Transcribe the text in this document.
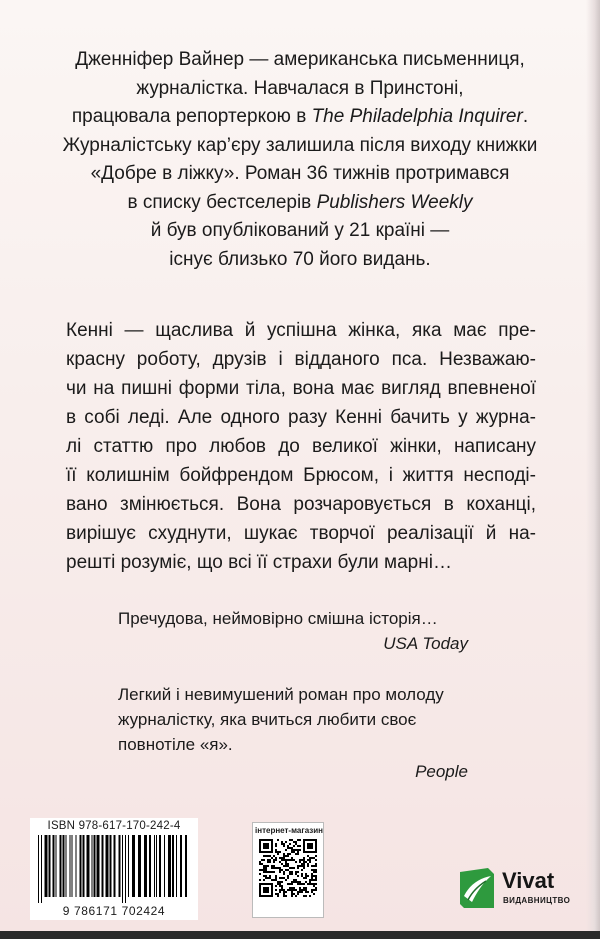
Дженніфер Вайнер — американська письменниця,
журналістка. Навчалася в Принстоні,
працювала репортеркою в The Philadelphia Inquirer.
Журналістську кар’єру залишила після виходу книжки
«Добре в ліжку». Роман 36 тижнів протримався
в списку бестселерів Publishers Weekly
й був опублікований у 21 країні —
існує близько 70 його видань.
Кенні — щаслива й успішна жінка, яка має пре-
красну роботу, друзів і відданого пса. Незважаю-
чи на пишні форми тіла, вона має вигляд впевненої
в собі леді. Але одного разу Кенні бачить у журна-
лі статтю про любов до великої жінки, написану
її колишнім бойфрендом Брюсом, і життя несподі-
вано змінюється. Вона розчаровується в коханці,
вирішує схуднути, шукає творчої реалізації й на-
решті розуміє, що всі її страхи були марні…
Пречудова, неймовірно смішна історія…
USA Today
Легкий і невимушений роман про молоду
журналістку, яка вчиться любити своє
повнотіле «я».
People
ISBN 978-617-170-242-4
9 786171 702424
інтернет-магазин
Vivat
ВИДАВНИЦТВО
